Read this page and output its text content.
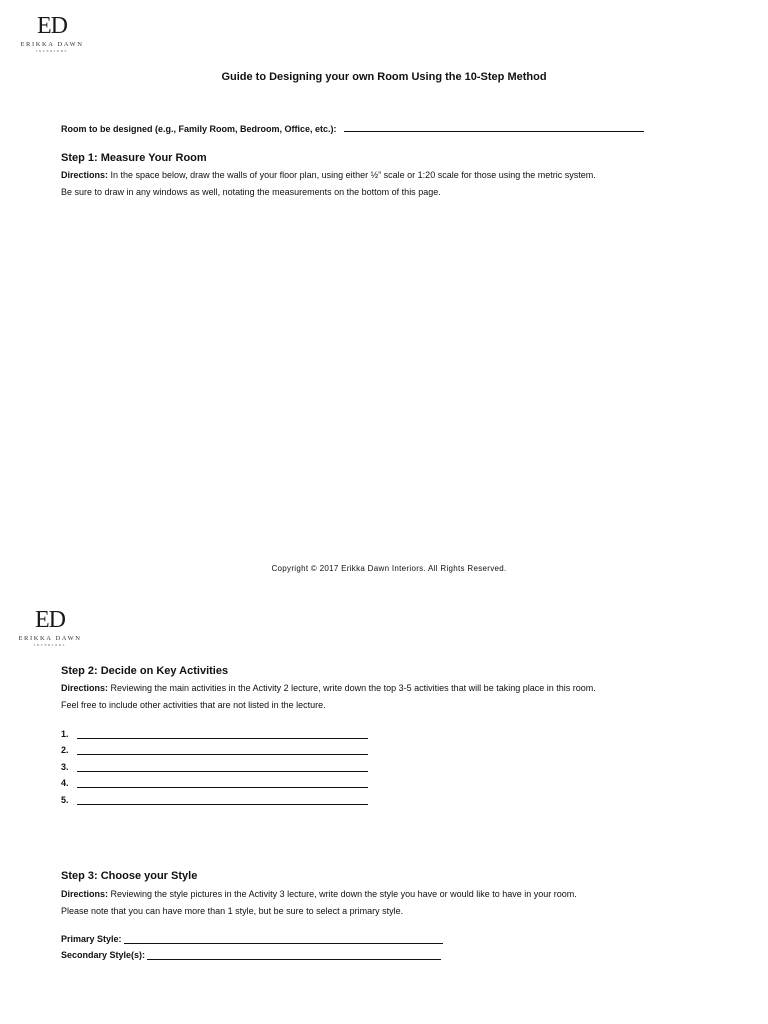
ED
ERIKKA DAWN
INTERIORS
Guide to Designing your own Room Using the 10-Step Method
Room to be designed (e.g., Family Room, Bedroom, Office, etc.):
Step 1: Measure Your Room
Directions: In the space below, draw the walls of your floor plan, using either ½” scale or 1:20 scale for those using the metric system.
Be sure to draw in any windows as well, notating the measurements on the bottom of this page.
Copyright © 2017 Erikka Dawn Interiors. All Rights Reserved.
ED
ERIKKA DAWN
INTERIORS
Step 2: Decide on Key Activities
Directions: Reviewing the main activities in the Activity 2 lecture, write down the top 3-5 activities that will be taking place in this room.
Feel free to include other activities that are not listed in the lecture.
1.
2.
3.
4.
5.
Step 3: Choose your Style
Directions: Reviewing the style pictures in the Activity 3 lecture, write down the style you have or would like to have in your room.
Please note that you can have more than 1 style, but be sure to select a primary style.
Primary Style:
Secondary Style(s):
